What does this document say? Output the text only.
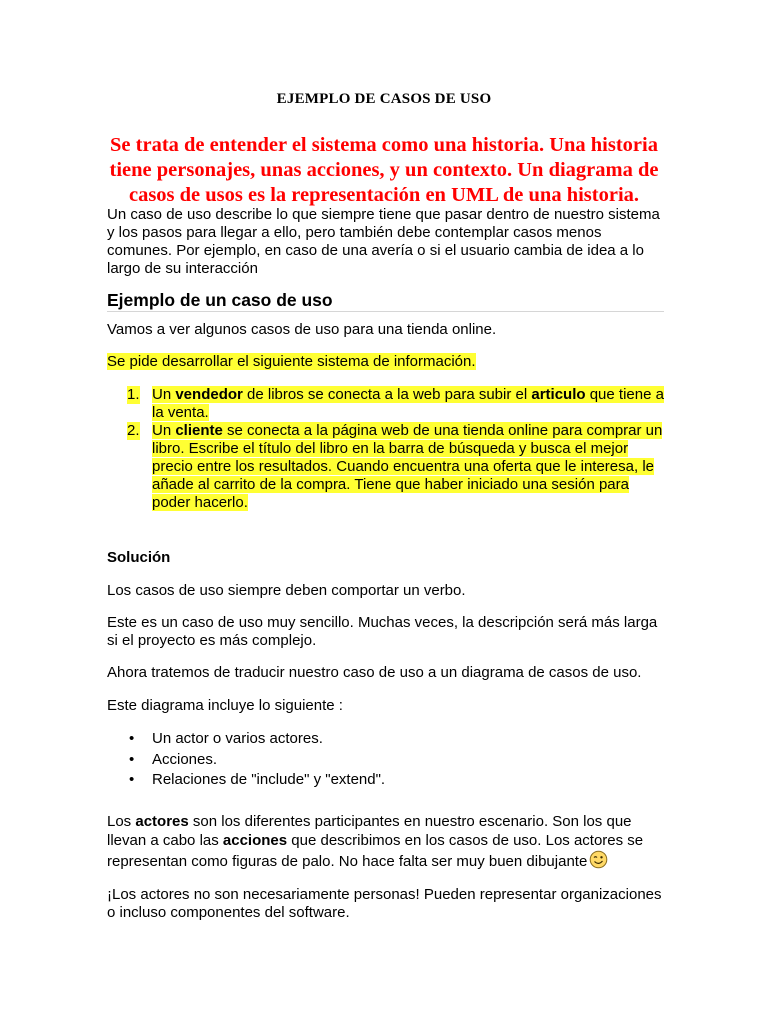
EJEMPLO DE CASOS DE USO
Se trata de entender el sistema como una historia. Una historia tiene personajes, unas acciones, y un contexto. Un diagrama de casos de usos es la representación en UML de una historia.
Un caso de uso describe lo que siempre tiene que pasar dentro de nuestro sistema y los pasos para llegar a ello, pero también debe contemplar casos menos comunes. Por ejemplo, en caso de una avería o si el usuario cambia de idea a lo largo de su interacción
Ejemplo de un caso de uso
Vamos a ver algunos casos de uso para una tienda online.
Se pide desarrollar el siguiente sistema de información.
1. Un vendedor de libros se conecta a la web para subir el articulo que tiene a la venta.
2. Un cliente se conecta a la página web de una tienda online para comprar un libro. Escribe el título del libro en la barra de búsqueda y busca el mejor precio entre los resultados. Cuando encuentra una oferta que le interesa, le añade al carrito de la compra. Tiene que haber iniciado una sesión para poder hacerlo.
Solución
Los casos de uso siempre deben comportar un verbo.
Este es un caso de uso muy sencillo. Muchas veces, la descripción será más larga si el proyecto es más complejo.
Ahora tratemos de traducir nuestro caso de uso a un diagrama de casos de uso.
Este diagrama incluye lo siguiente :
• Un actor o varios actores.
• Acciones.
• Relaciones de "include" y "extend".
Los actores son los diferentes participantes en nuestro escenario. Son los que llevan a cabo las acciones que describimos en los casos de uso. Los actores se representan como figuras de palo. No hace falta ser muy buen dibujante
¡Los actores no son necesariamente personas! Pueden representar organizaciones o incluso componentes del software.
